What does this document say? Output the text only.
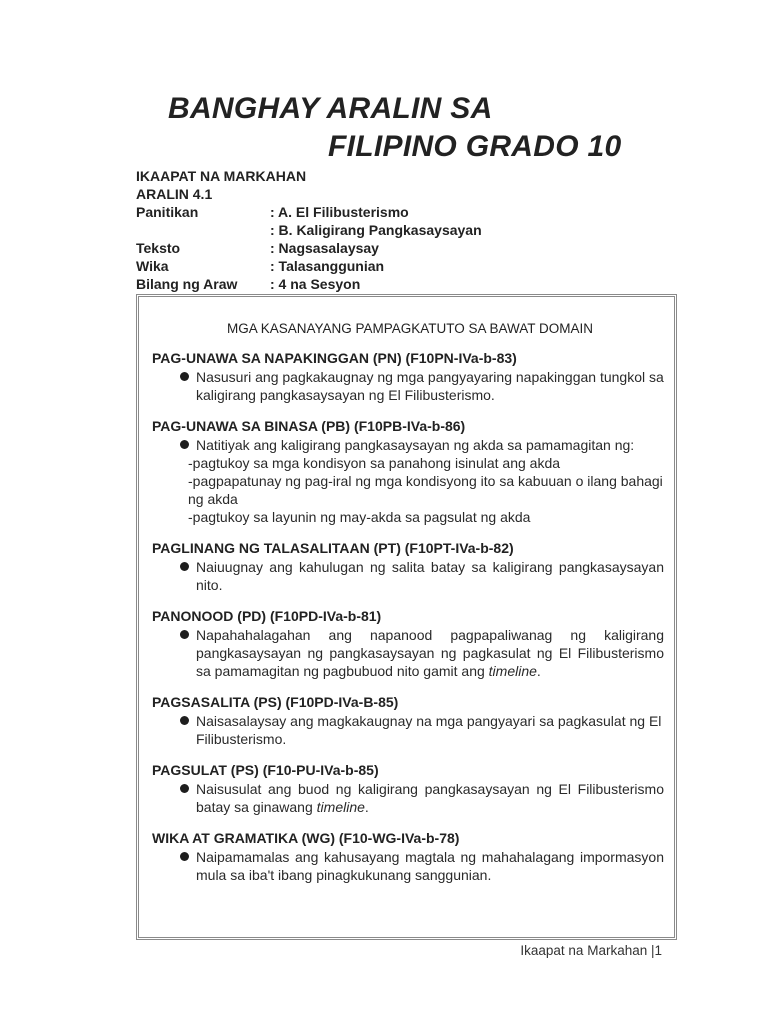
BANGHAY ARALIN SA
FILIPINO GRADO 10
IKAAPAT NA MARKAHAN
ARALIN 4.1
Panitikan	: A. El Filibusterismo
: B. Kaligirang Pangkasaysayan
Teksto	: Nagsasalaysay
Wika	: Talasanggunian
Bilang ng Araw	: 4 na Sesyon
MGA KASANAYANG PAMPAGKATUTO SA BAWAT DOMAIN
PAG-UNAWA SA NAPAKINGGAN (PN) (F10PN-IVa-b-83)
Nasusuri ang pagkakaugnay ng mga pangyayaring napakinggan tungkol sa kaligirang pangkasaysayan ng El Filibusterismo.
PAG-UNAWA SA BINASA (PB) (F10PB-IVa-b-86)
Natitiyak ang kaligirang pangkasaysayan ng akda sa pamamagitan ng:
-pagtukoy sa mga kondisyon sa panahong isinulat ang akda
-pagpapatunay ng pag-iral ng mga kondisyong ito sa kabuuan o ilang bahagi ng akda
-pagtukoy sa layunin ng may-akda sa pagsulat ng akda
PAGLINANG NG TALASALITAAN (PT) (F10PT-IVa-b-82)
Naiuugnay ang kahulugan ng salita batay sa kaligirang pangkasaysayan nito.
PANONOOD (PD) (F10PD-IVa-b-81)
Napahahalagahan ang napanood pagpapaliwanag ng kaligirang pangkasaysayan ng pangkasaysayan ng pagkasulat ng El Filibusterismo sa pamamagitan ng pagbubuod nito gamit ang timeline.
PAGSASALITA (PS) (F10PD-IVa-B-85)
Naisasalaysay ang magkakaugnay na mga pangyayari sa pagkasulat ng El Filibusterismo.
PAGSULAT (PS) (F10-PU-IVa-b-85)
Naisusulat ang buod ng kaligirang pangkasaysayan ng El Filibusterismo batay sa ginawang timeline.
WIKA AT GRAMATIKA (WG) (F10-WG-IVa-b-78)
Naipamamalas ang kahusayang magtala ng mahahalagang impormasyon mula sa iba't ibang pinagkukunang sanggunian.
Ikaapat na Markahan |1
